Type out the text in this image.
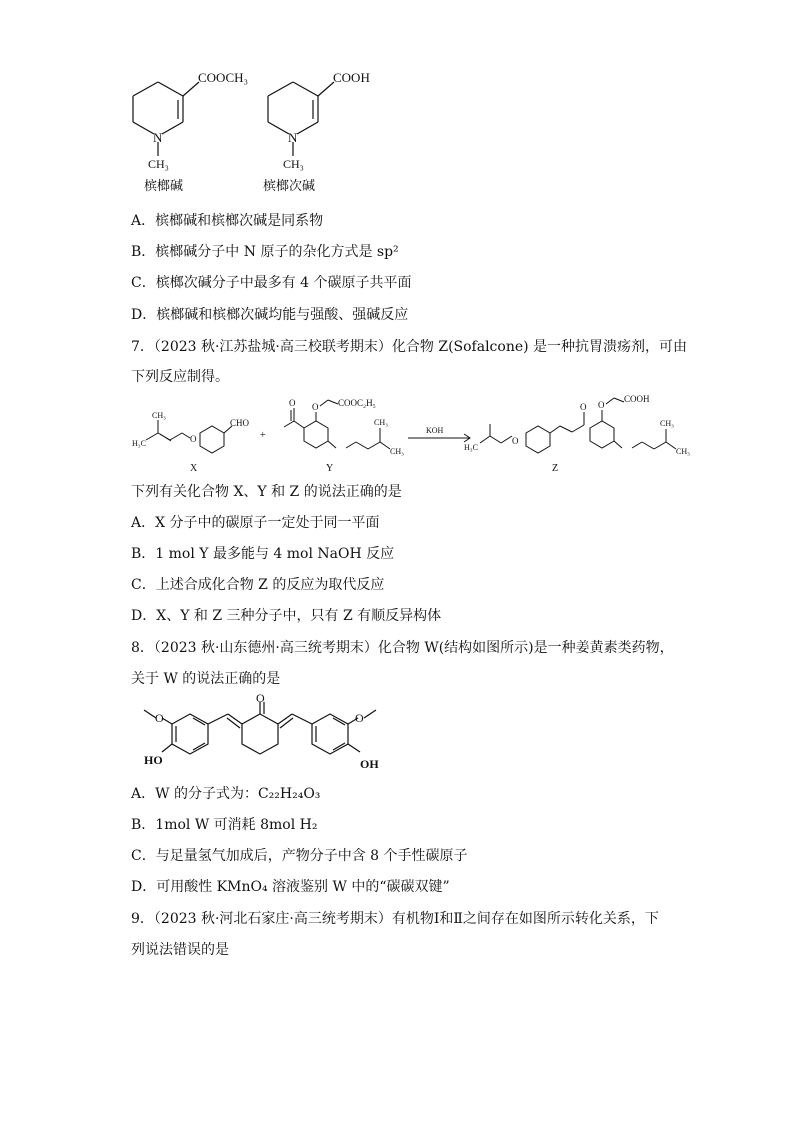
COOCH₃
N
CH₃
槟榔碱
COOH
N
CH₃
槟榔次碱
A．槟榔碱和槟榔次碱是同系物
B．槟榔碱分子中 N 原子的杂化方式是 sp²
C．槟榔次碱分子中最多有 4 个碳原子共平面
D．槟榔碱和槟榔次碱均能与强酸、强碱反应
7．（2023 秋·江苏盐城·高三校联考期末）化合物 Z(Sofalcone) 是一种抗胃溃疡剂，可由
下列反应制得。
CHO
CH₃
H₃C	O
X
+
O O COOC₂H₅
CH₃
CH₃
Y
KOH
COOH
O O
O
CH₃
CH₃
H₃C
Z
下列有关化合物 X、Y 和 Z 的说法正确的是
A．X 分子中的碳原子一定处于同一平面
B．1 mol Y 最多能与 4 mol NaOH 反应
C．上述合成化合物 Z 的反应为取代反应
D．X、Y 和 Z 三种分子中，只有 Z 有顺反异构体
8．（2023 秋·山东德州·高三统考期末）化合物 W(结构如图所示)是一种姜黄素类药物，
关于 W 的说法正确的是
O
O
O
HO	OH
A．W 的分子式为：C₂₂H₂₄O₃
B．1mol W 可消耗 8mol H₂
C．与足量氢气加成后，产物分子中含 8 个手性碳原子
D．可用酸性 KMnO₄ 溶液鉴别 W 中的“碳碳双键”
9．（2023 秋·河北石家庄·高三统考期末）有机物Ⅰ和Ⅱ之间存在如图所示转化关系，下
列说法错误的是
